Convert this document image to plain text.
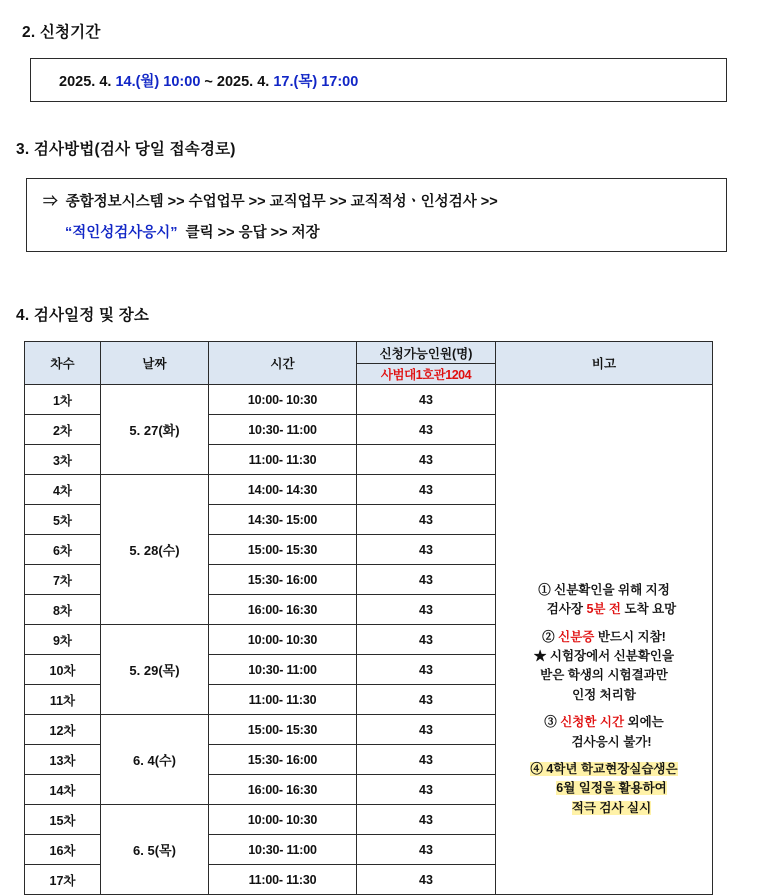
2. 신청기간
2025. 4. 14.(월) 10:00 ~ 2025. 4. 17.(목) 17:00
3. 검사방법(검사 당일 접속경로)
⇒ 종합정보시스템 >> 수업업무 >> 교직업무 >> 교직적성ㆍ인성검사 >>
“적인성검사응시” 클릭 >> 응답 >> 저장
4. 검사일정 및 장소
차수	날짜	시간	신청가능인원(명)	비고
			사범대1호관1204	
1차	5. 27(화)	10:00- 10:30	43	
① 신분확인을 위해 지정
검사장 5분 전 도착 요망
② 신분증 반드시 지참!
★ 시험장에서 신분확인을
받은 학생의 시험결과만
인정 처리함
③ 신청한 시간 외에는
검사응시 불가!
④ 4학년 학교현장실습생은
6월 일정을 활용하여
적극 검사 실시

2차		10:30- 11:00	43	
3차		11:00- 11:30	43	
4차	5. 28(수)	14:00- 14:30	43	
5차		14:30- 15:00	43	
6차		15:00- 15:30	43	
7차		15:30- 16:00	43	
8차		16:00- 16:30	43	
9차	5. 29(목)	10:00- 10:30	43	
10차		10:30- 11:00	43	
11차		11:00- 11:30	43	
12차	6. 4(수)	15:00- 15:30	43	
13차		15:30- 16:00	43	
14차		16:00- 16:30	43	
15차	6. 5(목)	10:00- 10:30	43	
16차		10:30- 11:00	43	
17차		11:00- 11:30	43	
